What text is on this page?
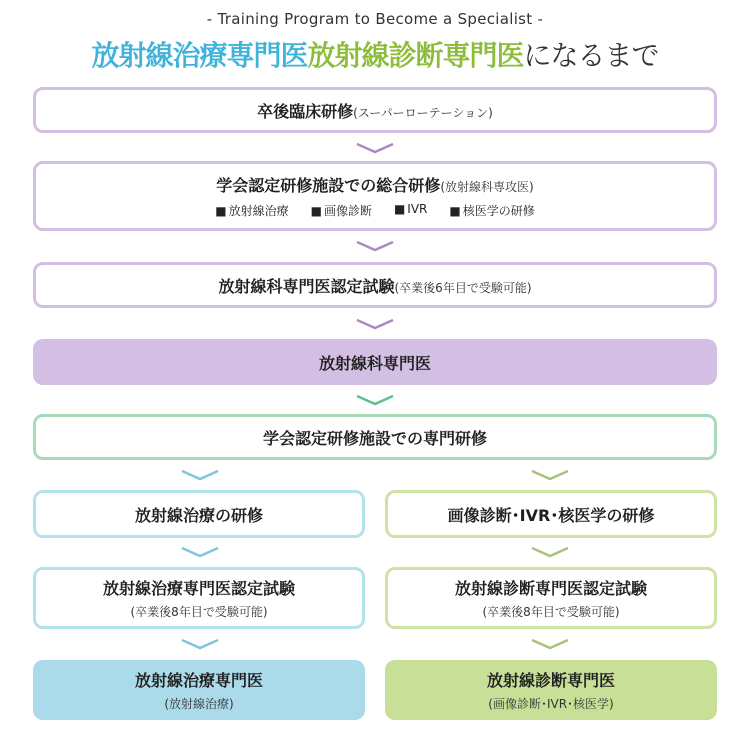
- Training Program to Become a Specialist -
放射線治療専門医放射線診断専門医になるまで
卒後臨床研修(スーパーローテーション)
学会認定研修施設での総合研修(放射線科専攻医)
■ 放射線治療	■ 画像診断	■ IVR	■ 核医学の研修
放射線科専門医認定試験(卒業後6年目で受験可能)
放射線科専門医
学会認定研修施設での専門研修
放射線治療の研修
放射線治療専門医認定試験
(卒業後8年目で受験可能)
放射線治療専門医
(放射線治療)
画像診断･IVR･核医学の研修
放射線診断専門医認定試験
(卒業後8年目で受験可能)
放射線診断専門医
(画像診断･IVR･核医学)
